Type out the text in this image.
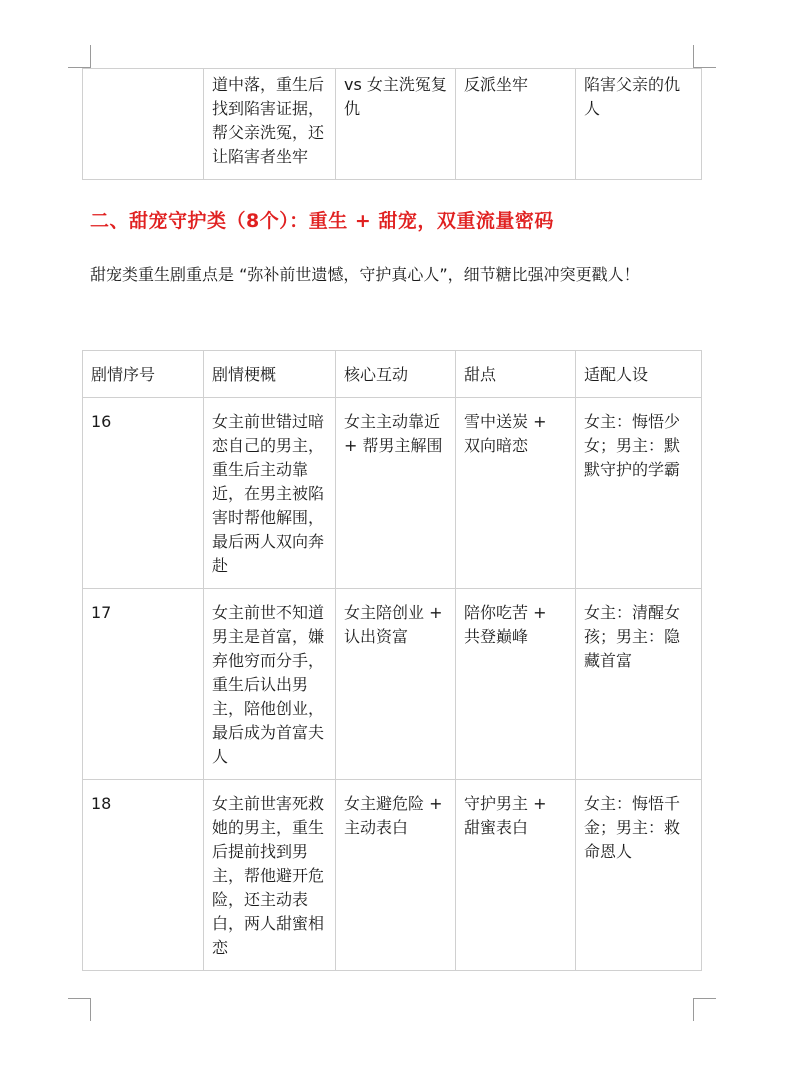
	道中落，重生后找到陷害证据，帮父亲洗冤，还让陷害者坐牢	vs 女主洗冤复仇	反派坐牢	陷害父亲的仇人
二、甜宠守护类（8个）：重生 + 甜宠，双重流量密码
甜宠类重生剧重点是 “弥补前世遗憾，守护真心人”，细节糖比强冲突更戳人！
剧情序号	剧情梗概	核心互动	甜点	适配人设
16	女主前世错过暗恋自己的男主，重生后主动靠近，在男主被陷害时帮他解围，最后两人双向奔赴	女主主动靠近 + 帮男主解围	雪中送炭 + 双向暗恋	女主：悔悟少女；男主：默默守护的学霸
17	女主前世不知道男主是首富，嫌弃他穷而分手，重生后认出男主，陪他创业，最后成为首富夫人	女主陪创业 + 认出资富	陪你吃苦 + 共登巅峰	女主：清醒女孩；男主：隐藏首富
18	女主前世害死救她的男主，重生后提前找到男主，帮他避开危险，还主动表白，两人甜蜜相恋	女主避危险 + 主动表白	守护男主 + 甜蜜表白	女主：悔悟千金；男主：救命恩人
